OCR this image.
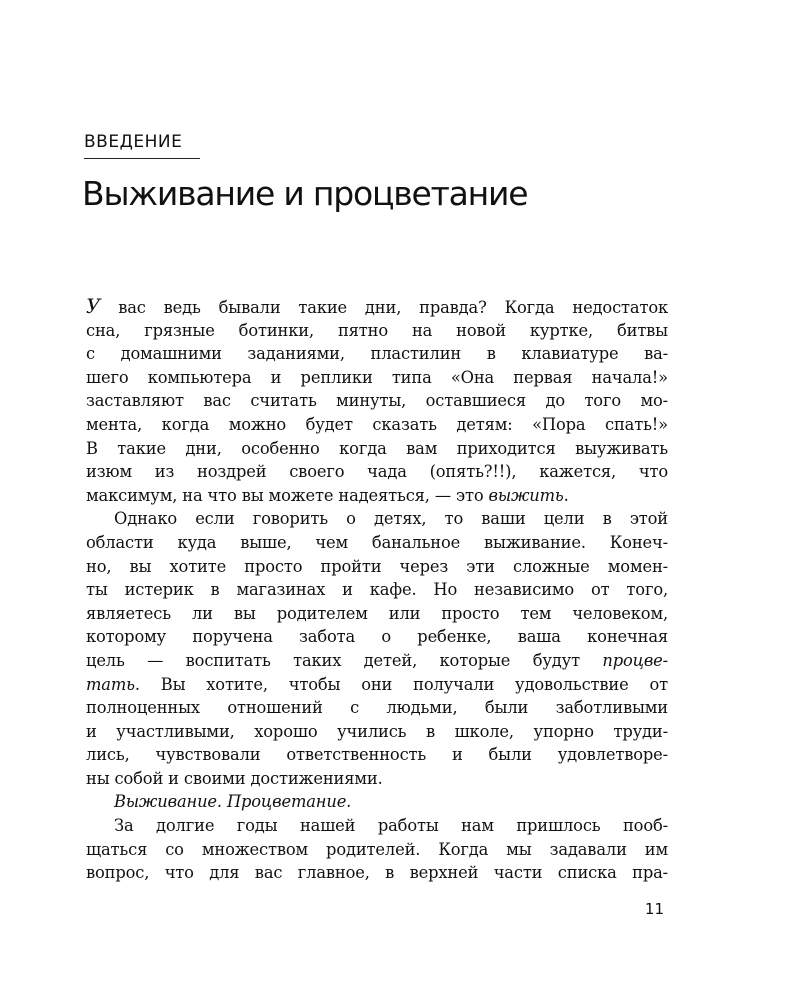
ВВЕДЕНИЕ
Выживание и процветание
У вас ведь бывали такие дни, правда? Когда недостаток
сна, грязные ботинки, пятно на новой куртке, битвы
с домашними заданиями, пластилин в клавиатуре ва-
шего компьютера и реплики типа «Она первая начала!»
заставляют вас считать минуты, оставшиеся до того мо-
мента, когда можно будет сказать детям: «Пора спать!»
В такие дни, особенно когда вам приходится выуживать
изюм из ноздрей своего чада (опять?!!), кажется, что
максимум, на что вы можете надеяться, — это выжить.
Однако если говорить о детях, то ваши цели в этой
области куда выше, чем банальное выживание. Конеч-
но, вы хотите просто пройти через эти сложные момен-
ты истерик в магазинах и кафе. Но независимо от того,
являетесь ли вы родителем или просто тем человеком,
которому поручена забота о ребенке, ваша конечная
цель — воспитать таких детей, которые будут процве-
тать. Вы хотите, чтобы они получали удовольствие от
полноценных отношений с людьми, были заботливыми
и участливыми, хорошо учились в школе, упорно труди-
лись, чувствовали ответственность и были удовлетворе-
ны собой и своими достижениями.
Выживание. Процветание.
За долгие годы нашей работы нам пришлось пооб-
щаться со множеством родителей. Когда мы задавали им
вопрос, что для вас главное, в верхней части списка пра-
11
